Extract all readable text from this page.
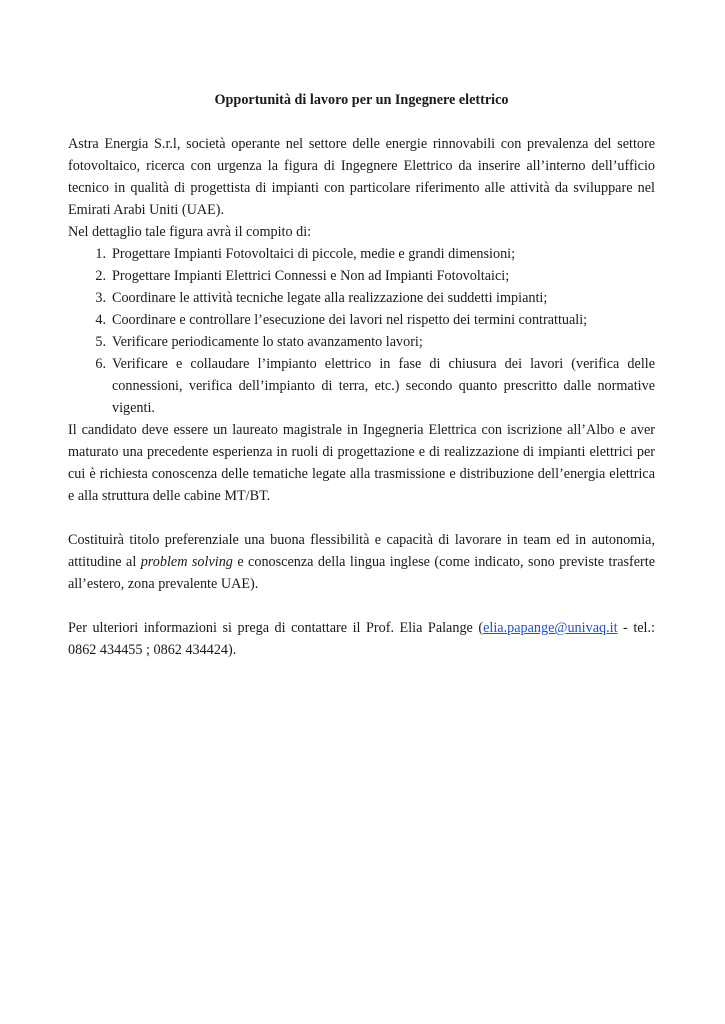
Opportunità di lavoro per un Ingegnere elettrico

Astra Energia S.r.l, società operante nel settore delle energie rinnovabili con prevalenza del settore fotovoltaico, ricerca con urgenza la figura di Ingegnere Elettrico da inserire all’interno dell’ufficio tecnico in qualità di progettista di impianti con particolare riferimento alle attività da sviluppare nel Emirati Arabi Uniti (UAE).

Nel dettaglio tale figura avrà il compito di:

1. Progettare Impianti Fotovoltaici di piccole, medie e grandi dimensioni;
2. Progettare Impianti Elettrici Connessi e Non ad Impianti Fotovoltaici;
3. Coordinare le attività tecniche legate alla realizzazione dei suddetti impianti;
4. Coordinare e controllare l’esecuzione dei lavori nel rispetto dei termini contrattuali;
5. Verificare periodicamente lo stato avanzamento lavori;
6. Verificare e collaudare l’impianto elettrico in fase di chiusura dei lavori (verifica delle connessioni, verifica dell’impianto di terra, etc.) secondo quanto prescritto dalle normative vigenti.

Il candidato deve essere un laureato magistrale in Ingegneria Elettrica con iscrizione all’Albo e aver maturato una precedente esperienza in ruoli di progettazione e di realizzazione di impianti elettrici per cui è richiesta conoscenza delle tematiche legate alla trasmissione e distribuzione dell’energia elettrica e alla struttura delle cabine MT/BT.

Costituirà titolo preferenziale una buona flessibilità e capacità di lavorare in team ed in autonomia, attitudine al problem solving e conoscenza della lingua inglese (come indicato, sono previste trasferte all’estero, zona prevalente UAE).

Per ulteriori informazioni si prega di contattare il Prof. Elia Palange (elia.papange@univaq.it - tel.: 0862 434455 ; 0862 434424).
